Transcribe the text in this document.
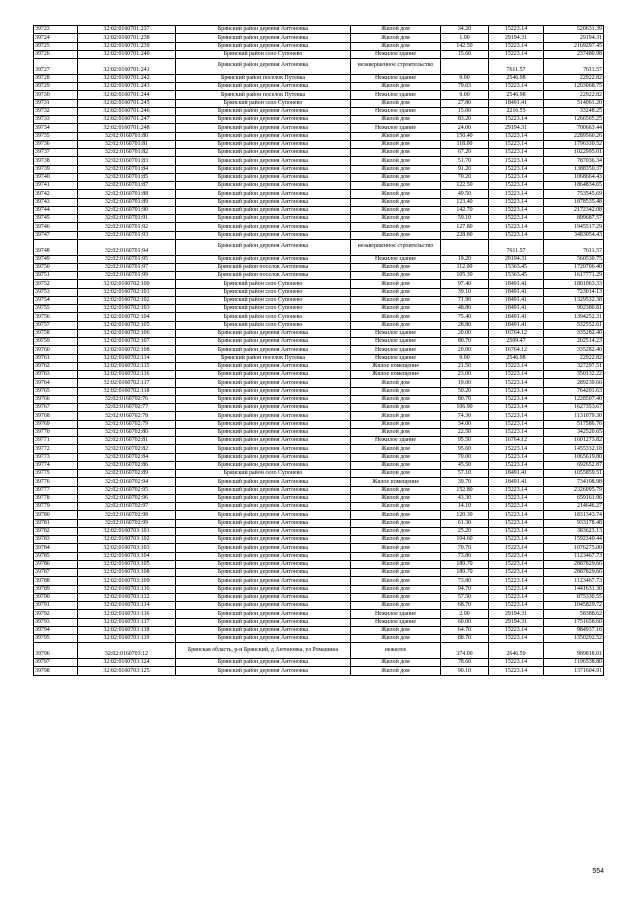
39723	32:02:0160701:237	Брянский район деревня Антоновка	Жилой дом	34.20	15223.14	520631.39
39724	32:02:0160701:238	Брянский район деревня Антоновка	Жилой дом	1.00	29194.31	29194.31
39725	32:02:0160701:239	Брянский район деревня Антоновка	Жилой дом	142.50	15223.14	2169297.45
39726	32:02:0160701:240	Брянский район село Супонево	Нежилое здание	15.60	15223.14	237480.98
39727	32:02:0160701:241	Брянский район деревня Антоновка	незавершенное строительство		7611.57	7611.57
39728	32:02:0160701:242	Брянский район поселок Путевка	Нежилое здание	9.00	2546.98	22922.82
39729	32:02:0160701:243	Брянский район деревня Антоновка	Жилой дом	79.03	15223.14	1203068.75
39730	32:02:0160701:244	Брянский район поселок Путевка	Нежилое здание	9.00	2546.98	22922.82
39731	32:02:0160701:245	Брянский район село Супонево	Жилой дом	27.80	18491.41	514061.20
39732	32:02:0160701:246	Брянский район деревня Антоновка	Нежилое здание	15.00	2216.55	33248.25
39733	32:02:0160701:247	Брянский район деревня Антоновка	Жилой дом	83.20	15223.14	1266565.25
39734	32:02:0160701:248	Брянский район деревня Антоновка	Нежилое здание	24.00	29194.31	700663.44
39735	32:02:0160701:80	Брянский район деревня Антоновка	Жилой дом	150.40	15223.14	2289560.26
39736	32:02:0160701:81	Брянский район деревня Антоновка	Жилой дом	118.00	15223.14	1796330.52
39737	32:02:0160701:82	Брянский район деревня Антоновка	Жилой дом	67.20	15223.14	1022995.01
39738	32:02:0160701:83	Брянский район деревня Антоновка	Жилой дом	51.70	15223.14	787036.34
39739	32:02:0160701:84	Брянский район деревня Антоновка	Жилой дом	91.20	15223.14	1388350.37
39740	32:02:0160701:85	Брянский район деревня Антоновка	Жилой дом	70.20	15223.14	1068664.43
39741	32:02:0160701:87	Брянский район деревня Антоновка	Жилой дом	122.50	15223.14	1864834.65
39742	32:02:0160701:88	Брянский район деревня Антоновка	Жилой дом	49.50	15223.14	753545.69
39743	32:02:0160701:89	Брянский район деревня Антоновка	Жилой дом	123.40	15223.14	1878535.48
39744	32:02:0160701:90	Брянский район деревня Антоновка	Жилой дом	142.70	15223.14	2172342.08
39745	32:02:0160701:91	Брянский район деревня Антоновка	Жилой дом	59.10	15223.14	899687.57
39746	32:02:0160701:92	Брянский район деревня Антоновка	Жилой дом	127.80	15223.14	1945517.29
39747	32:02:0160701:93	Брянский район деревня Антоновка	Жилой дом	228.80	15223.14	3483054.43
39748	32:02:0160701:94	Брянский район деревня Антоновка	незавершенное строительство		7611.57	7611.57
39749	32:02:0160701:95	Брянский район деревня Антоновка	Нежилое здание	19.20	29194.31	560530.75
39750	32:02:0160701:97	Брянский район поселок Антоновка	Жилой дом	112.00	15363.45	1720706.40
39751	32:02:0160701:99	Брянский район поселок Антоновка	Жилой дом	105.30	15363.45	1617771.29
39752	32:02:0160702:100	Брянский район село Супонево	Жилой дом	97.40	18491.41	1801063.33
39753	32:02:0160702:101	Брянский район село Супонево	Жилой дом	39.10	18491.41	723014.13
39754	32:02:0160702:102	Брянский район село Супонево	Жилой дом	71.90	18491.41	1329532.38
39755	32:02:0160702:103	Брянский район село Супонево	Жилой дом	48.80	18491.41	902380.81
39756	32:02:0160702:104	Брянский район село Супонево	Жилой дом	75.40	18491.41	1394252.31
39757	32:02:0160702:105	Брянский район село Супонево	Жилой дом	28.80	18491.41	532552.61
39758	32:02:0160702:106	Брянский район деревня Антоновка	Нежилое здание	20.00	16764.12	335282.40
39759	32:02:0160702:107	Брянский район деревня Антоновка	Нежилое здание	80.70	2509.47	202514.23
39760	32:02:0160702:108	Брянский район деревня Антоновка	Нежилое здание	20.00	16764.12	335282.40
39761	32:02:0160702:114	Брянский район поселок Путевка	Нежилое здание	9.00	2546.98	22922.82
39762	32:02:0160702:115	Брянский район деревня Антоновка	Жилое помещение	21.50	15223.14	327297.51
39763	32:02:0160702:116	Брянский район деревня Антоновка	Жилое помещение	23.00	15223.14	350132.22
39764	32:02:0160702:117	Брянский район деревня Антоновка	Жилой дом	19.00	15223.14	289239.66
39765	32:02:0160702:118	Брянский район деревня Антоновка	Жилой дом	50.20	15223.14	764201.63
39766	32:02:0160702:76	Брянский район деревня Антоновка	Жилой дом	80.70	15223.14	1228507.40
39767	32:02:0160702:77	Брянский район деревня Антоновка	Жилой дом	106.90	15223.14	1627353.67
39768	32:02:0160702:78	Брянский район деревня Антоновка	Жилой дом	74.30	15223.14	1131079.30
39769	32:02:0160702:79	Брянский район деревня Антоновка	Жилой дом	34.00	15223.14	517586.76
39770	32:02:0160702:80	Брянский район деревня Антоновка	Жилой дом	22.50	15223.14	342520.65
39771	32:02:0160702:81	Брянский район деревня Антоновка	Нежилое здание	95.50	16764.12	1601273.82
39772	32:02:0160702:82	Брянский район деревня Антоновка	Жилой дом	95.60	15223.14	1455332.18
39773	32:02:0160702:84	Брянский район деревня Антоновка	Жилой дом	70.00	15223.14	1065619.80
39774	32:02:0160702:86	Брянский район деревня Антоновка	Жилой дом	45.50	15223.14	692652.87
39775	32:02:0160702:89	Брянский район село Супонево	Жилой дом	57.10	18491.41	1055859.51
39776	32:02:0160702:94	Брянский район деревня Антоновка	Жилое помещение	39.70	18491.41	734108.98
39777	32:02:0160702:95	Брянский район деревня Антоновка	Жилой дом	152.80	15223.14	2326095.79
39778	32:02:0160702:96	Брянский район деревня Антоновка	Жилой дом	43.30	15223.14	659161.96
39779	32:02:0160702:97	Брянский район деревня Антоновка	Жилой дом	14.10	15223.14	214646.27
39780	32:02:0160702:98	Брянский район деревня Антоновка	Жилой дом	120.30	15223.14	1831343.74
39781	32:02:0160702:99	Брянский район деревня Антоновка	Жилой дом	61.30	15223.14	933178.48
39782	32:02:0160703:101	Брянский район деревня Антоновка	Жилой дом	25.20	15223.14	383623.13
39783	32:02:0160703:102	Брянский район деревня Антоновка	Жилой дом	104.60	15223.14	1592340.44
39784	32:02:0160703:103	Брянский район деревня Антоновка	Жилой дом	70.70	15223.14	1076275.00
39785	32:02:0160703:104	Брянский район деревня Антоновка	Жилой дом	73.80	15223.14	1123467.73
39786	32:02:0160703:105	Брянский район деревня Антоновка	Жилой дом	189.70	15223.14	2887829.66
39787	32:02:0160703:108	Брянский район деревня Антоновка	Жилой дом	189.70	15223.14	2887829.66
39788	32:02:0160703:109	Брянский район деревня Антоновка	Жилой дом	73.80	15223.14	1123467.73
39789	32:02:0160703:110	Брянский район деревня Антоновка	Жилой дом	94.70	15223.14	1441631.36
39790	32:02:0160703:112	Брянский район деревня Антоновка	Жилой дом	57.50	15223.14	875330.55
39791	32:02:0160703:114	Брянский район деревня Антоновка	Жилой дом	68.70	15223.14	1045829.72
39792	32:02:0160703:116	Брянский район деревня Антоновка	Нежилое здание	2.00	29194.31	58388.62
39793	32:02:0160703:117	Брянский район деревня Антоновка	Нежилое здание	60.00	29194.31	1751658.60
39794	32:02:0160703:118	Брянский район деревня Антоновка	Жилой дом	64.70	15223.14	984937.16
39795	32:02:0160703:119	Брянский район деревня Антоновка	Жилой дом	88.70	15223.14	1350292.52
39796	32:02:0160703:12	Брянская область, р-н Брянский, д Антоновка, ул Ромашина	нежилое	374.00	2646.59	989818.01
39797	32:02:0160703:124	Брянский район деревня Антоновка	Жилой дом	78.60	15223.14	1196538.80
39798	32:02:0160703:125	Брянский район деревня Антоновка	Жилой дом	90.10	15223.14	1371604.91
554
